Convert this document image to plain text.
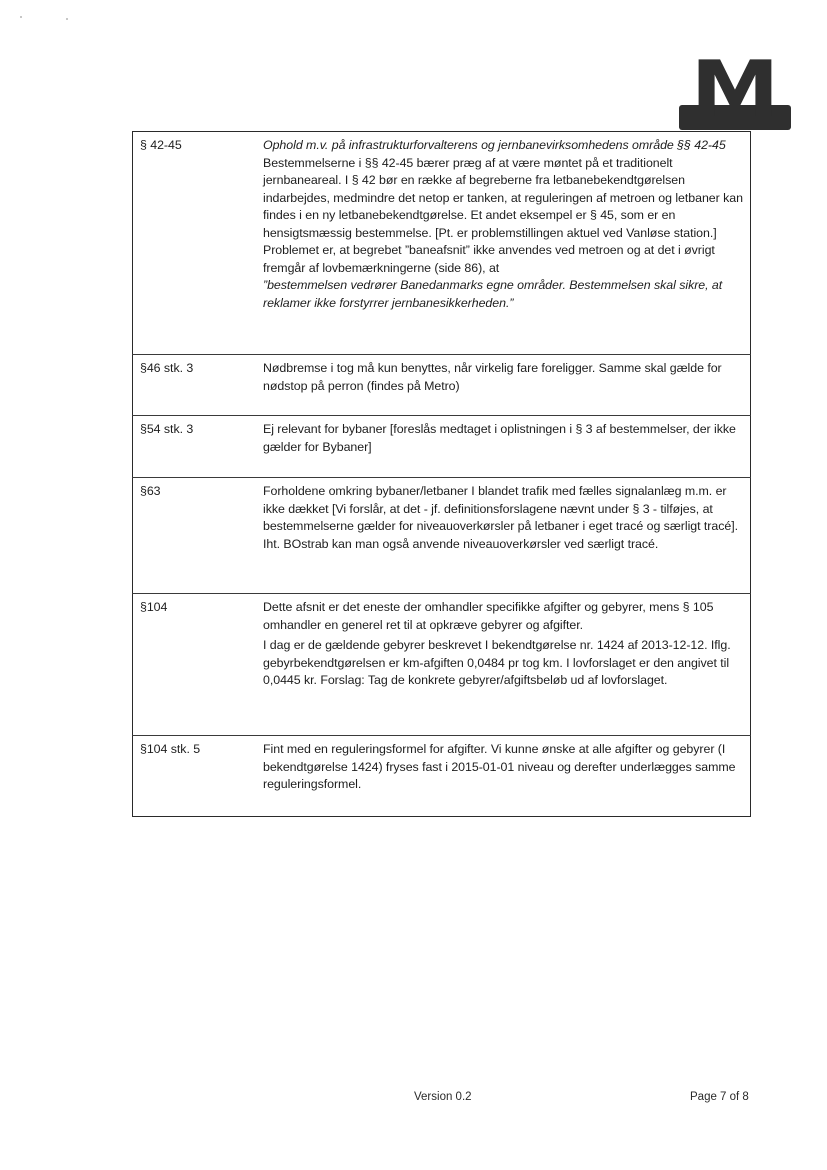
M
§ 42-45	Ophold m.v. på infrastrukturforvalterens og jernbanevirksomhedens område §§ 42-45

Bestemmelserne i §§ 42-45 bærer præg af at være møntet på et traditionelt jernbaneareal. I § 42 bør en række af begreberne fra letbanebekendtgørelsen indarbejdes, medmindre det netop er tanken, at reguleringen af metroen og letbaner kan findes i en ny letbanebekendtgørelse. Et andet eksempel er § 45, som er en hensigtsmæssig bestemmelse. [Pt. er problemstillingen aktuel ved Vanløse station.] Problemet er, at begrebet ”baneafsnit” ikke anvendes ved metroen og at det i øvrigt fremgår af lovbemærkningerne (side 86), at

”bestemmelsen vedrører Banedanmarks egne områder. Bestemmelsen skal sikre, at reklamer ikke forstyrrer jernbanesikkerheden.”

§46 stk. 3	Nødbremse i tog må kun benyttes, når virkelig fare foreligger. Samme skal gælde for nødstop på perron (findes på Metro)

§54 stk. 3	Ej relevant for bybaner [foreslås medtaget i oplistningen i § 3 af bestemmelser, der ikke gælder for Bybaner]

§63	Forholdene omkring bybaner/letbaner I blandet trafik med fælles signalanlæg m.m. er ikke dækket [Vi forslår, at det - jf. definitionsforslagene nævnt under § 3 - tilføjes, at bestemmelserne gælder for niveauoverkørsler på letbaner i eget tracé og særligt tracé]. Iht. BOstrab kan man også anvende niveauoverkørsler ved særligt tracé.

§104	Dette afsnit er det eneste der omhandler specifikke afgifter og gebyrer, mens § 105 omhandler en generel ret til at opkræve gebyrer og afgifter.

I dag er de gældende gebyrer beskrevet I bekendtgørelse nr. 1424 af 2013-12-12. Iflg. gebyrbekendtgørelsen er km-afgiften 0,0484 pr tog km. I lovforslaget er den angivet til 0,0445 kr. Forslag: Tag de konkrete gebyrer/afgiftsbeløb ud af lovforslaget.

§104 stk. 5	Fint med en reguleringsformel for afgifter. Vi kunne ønske at alle afgifter og gebyrer (I bekendtgørelse 1424) fryses fast i 2015-01-01 niveau og derefter underlægges samme reguleringsformel.

Version 0.2	Page 7 of 8
